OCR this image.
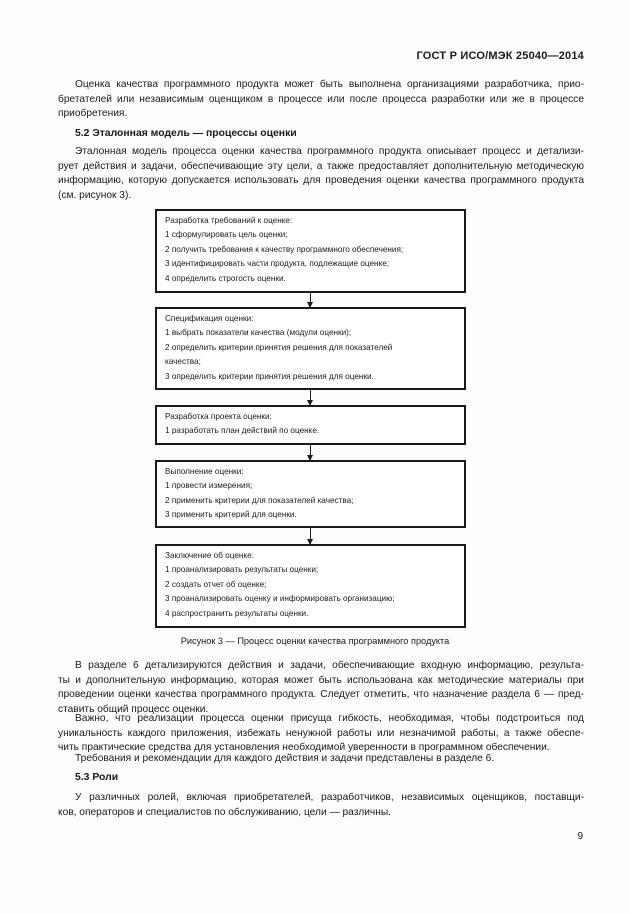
ГОСТ Р ИСО/МЭК 25040—2014
Оценка качества программного продукта может быть выполнена организациями разработчика, прио-
бретателей или независимым оценщиком в процессе или после процесса разработки или же в процессе
приобретения.
5.2 Эталонная модель — процессы оценки
Эталонная модель процесса оценки качества программного продукта описывает процесс и детализи-
рует действия и задачи, обеспечивающие эту цели, а также предоставляет дополнительную методическую
информацию, которую допускается использовать для проведения оценки качества программного продукта
(см. рисунок 3).
Разработка требований к оценке:
1 сформулировать цель оценки;
2 получить требования к качеству программного обеспечения;
3 идентифицировать части продукта, подлежащие оценке;
4 определить строгость оценки.
Спецификация оценки:
1 выбрать показатели качества (модули оценки);
2 определить критерии принятия решения для показателей
качества;
3 определить критерии принятия решения для оценки.
Разработка проекта оценки:
1 разработать план действий по оценке.
Выполнение оценки:
1 провести измерения;
2 применить критерии для показателей качества;
3 применить критерий для оценки.
Заключение об оценке:
1 проанализировать результаты оценки;
2 создать отчет об оценке;
3 проанализировать оценку и информировать организацию;
4 распространить результаты оценки.
Рисунок 3 — Процесс оценки качества программного продукта
В разделе 6 детализируются действия и задачи, обеспечивающие входную информацию, результа-
ты и дополнительную информацию, которая может быть использована как методические материалы при
проведении оценки качества программного продукта. Следует отметить, что назначение раздела 6 — пред-
ставить общий процесс оценки.
Важно, что реализации процесса оценки присуща гибкость, необходимая, чтобы подстроиться под
уникальность каждого приложения, избежать ненужной работы или незначимой работы, а также обеспе-
чить практические средства для установления необходимой уверенности в программном обеспечении.
Требования и рекомендации для каждого действия и задачи представлены в разделе 6.
5.3 Роли
У различных ролей, включая приобретателей, разработчиков, независимых оценщиков, поставщи-
ков, операторов и специалистов по обслуживанию, цели — различны.
9
